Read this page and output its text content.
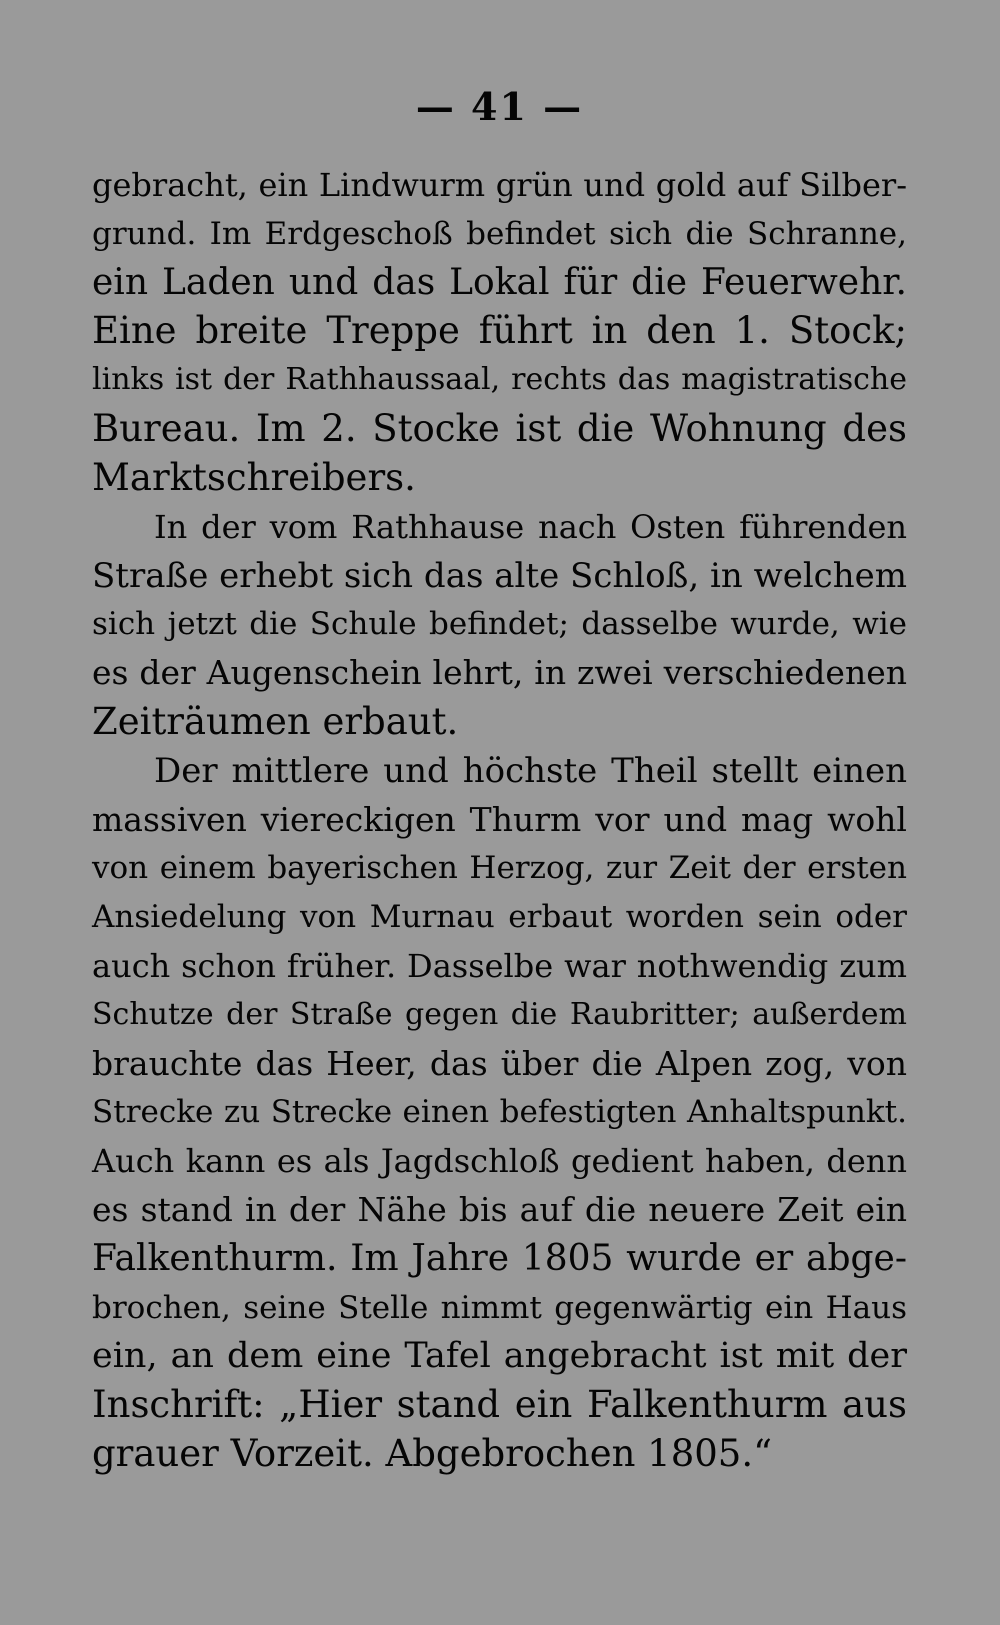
— 41 —
gebracht, ein Lindwurm grün und gold auf Silber-
grund. Im Erdgeschoß befindet sich die Schranne,
ein Laden und das Lokal für die Feuerwehr.
Eine breite Treppe führt in den 1. Stock;
links ist der Rathhaussaal, rechts das magistratische
Bureau. Im 2. Stocke ist die Wohnung des
Marktschreibers.
In der vom Rathhause nach Osten führenden
Straße erhebt sich das alte Schloß, in welchem
sich jetzt die Schule befindet; dasselbe wurde, wie
es der Augenschein lehrt, in zwei verschiedenen
Zeiträumen erbaut.
Der mittlere und höchste Theil stellt einen
massiven viereckigen Thurm vor und mag wohl
von einem bayerischen Herzog, zur Zeit der ersten
Ansiedelung von Murnau erbaut worden sein oder
auch schon früher. Dasselbe war nothwendig zum
Schutze der Straße gegen die Raubritter; außerdem
brauchte das Heer, das über die Alpen zog, von
Strecke zu Strecke einen befestigten Anhaltspunkt.
Auch kann es als Jagdschloß gedient haben, denn
es stand in der Nähe bis auf die neuere Zeit ein
Falkenthurm. Im Jahre 1805 wurde er abge-
brochen, seine Stelle nimmt gegenwärtig ein Haus
ein, an dem eine Tafel angebracht ist mit der
Inschrift: „Hier stand ein Falkenthurm aus
grauer Vorzeit. Abgebrochen 1805.“
